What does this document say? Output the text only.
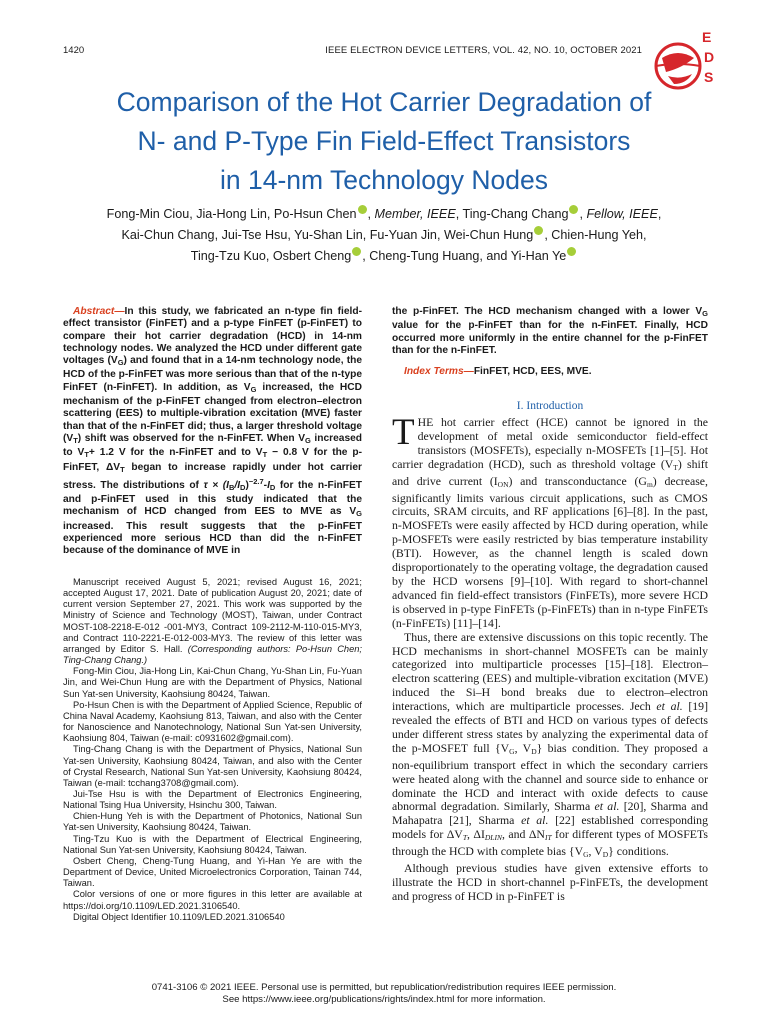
1420	IEEE ELECTRON DEVICE LETTERS, VOL. 42, NO. 10, OCTOBER 2021
E
D
S
Comparison of the Hot Carrier Degradation of
N- and P-Type Fin Field-Effect Transistors
in 14-nm Technology Nodes
Fong-Min Ciou, Jia-Hong Lin, Po-Hsun Chen , Member, IEEE, Ting-Chang Chang , Fellow, IEEE,
Kai-Chun Chang, Jui-Tse Hsu, Yu-Shan Lin, Fu-Yuan Jin, Wei-Chun Hung , Chien-Hung Yeh,
Ting-Tzu Kuo, Osbert Cheng , Cheng-Tung Huang, and Yi-Han Ye
Abstract—In this study, we fabricated an n-type fin field-effect transistor (FinFET) and a p-type FinFET (p-FinFET) to compare their hot carrier degradation (HCD) in 14-nm technology nodes. We analyzed the HCD under different gate voltages $(V_G)$ and found that in a 14-nm technology node, the HCD of the p-FinFET was more serious than that of the n-type FinFET (n-FinFET). In addition, as $V_G$ increased, the HCD mechanism of the p-FinFET changed from electron–electron scattering (EES) to multiple-vibration excitation (MVE) faster than that of the n-FinFET did; thus, a larger threshold voltage $(V_T)$ shift was observed for the n-FinFET. When $V_G$ increased to $V_T+ 1.2$ V for the n-FinFET and to $V_T - 0.8$ V for the p-FinFET, $\Delta V_T$ began to increase rapidly under hot carrier stress. The distributions of $\tau \times (I_B/I_D)^{-2.7}-I_D$ for the n-FinFET and p-FinFET used in this study indicated that the mechanism of HCD changed from EES to MVE as $V_G$ increased. This result suggests that the p-FinFET experienced more serious HCD than did the n-FinFET because of the dominance of MVE in
the p-FinFET. The HCD mechanism changed with a lower $V_G$ value for the p-FinFET than for the n-FinFET. Finally, HCD occurred more uniformly in the entire channel for the p-FinFET than for the n-FinFET.
Index Terms—FinFET, HCD, EES, MVE.

Manuscript received August 5, 2021; revised August 16, 2021; accepted August 17, 2021. Date of publication August 20, 2021; date of current version September 27, 2021. This work was supported by the Ministry of Science and Technology (MOST), Taiwan, under Contract MOST-108-2218-E-012 -001-MY3, Contract 109-2112-M-110-015-MY3, and Contract 110-2221-E-012-003-MY3. The review of this letter was arranged by Editor S. Hall. (Corresponding authors: Po-Hsun Chen; Ting-Chang Chang.)

Fong-Min Ciou, Jia-Hong Lin, Kai-Chun Chang, Yu-Shan Lin, Fu-Yuan Jin, and Wei-Chun Hung are with the Department of Physics, National Sun Yat-sen University, Kaohsiung 80424, Taiwan.

Po-Hsun Chen is with the Department of Applied Science, Republic of China Naval Academy, Kaohsiung 813, Taiwan, and also with the Center for Nanoscience and Nanotechnology, National Sun Yat-sen University, Kaohsiung 804, Taiwan (e-mail: c0931602@gmail.com).

Ting-Chang Chang is with the Department of Physics, National Sun Yat-sen University, Kaohsiung 80424, Taiwan, and also with the Center of Crystal Research, National Sun Yat-sen University, Kaohsiung 80424, Taiwan (e-mail: tcchang3708@gmail.com).

Jui-Tse Hsu is with the Department of Electronics Engineering, National Tsing Hua University, Hsinchu 300, Taiwan.

Chien-Hung Yeh is with the Department of Photonics, National Sun Yat-sen University, Kaohsiung 80424, Taiwan.

Ting-Tzu Kuo is with the Department of Electrical Engineering, National Sun Yat-sen University, Kaohsiung 80424, Taiwan.

Osbert Cheng, Cheng-Tung Huang, and Yi-Han Ye are with the Department of Device, United Microelectronics Corporation, Tainan 744, Taiwan.

Color versions of one or more figures in this letter are available at https://doi.org/10.1109/LED.2021.3106540.

Digital Object Identifier 10.1109/LED.2021.3106540

I. Introduction

THE hot carrier effect (HCE) cannot be ignored in the development of metal oxide semiconductor field-effect transistors (MOSFETs), especially n-MOSFETs [1]–[5]. Hot carrier degradation (HCD), such as threshold voltage $(V_T)$ shift and drive current $(I_{ON})$ and transconductance $(G_m)$ decrease, significantly limits various circuit applications, such as CMOS circuits, SRAM circuits, and RF applications [6]–[8]. In the past, n-MOSFETs were easily affected by HCD during operation, while p-MOSFETs were easily restricted by bias temperature instability (BTI). However, as the channel length is scaled down disproportionately to the operating voltage, the degradation caused by the HCD worsens [9]–[10]. With regard to short-channel advanced fin field-effect transistors (FinFETs), more severe HCD is observed in p-type FinFETs (p-FinFETs) than in n-type FinFETs (n-FinFETs) [11]–[14].

Thus, there are extensive discussions on this topic recently. The HCD mechanisms in short-channel MOSFETs can be mainly categorized into multiparticle processes [15]–[18]. Electron–electron scattering (EES) and multiple-vibration excitation (MVE) induced the Si–H bond breaks due to electron–electron interactions, which are multiparticle processes. Jech et al. [19] revealed the effects of BTI and HCD on various types of defects under different stress states by analyzing the experimental data of the p-MOSFET full {$V_G$, $V_D$} bias condition. They proposed a non-equilibrium transport effect in which the secondary carriers were heated along with the channel and source side to enhance or dominate the HCD and interact with oxide defects to cause abnormal degradation. Similarly, Sharma et al. [20], Sharma and Mahapatra [21], Sharma et al. [22] established corresponding models for $\Delta V_T$, $\Delta I_{DLIN}$, and $\Delta N_{IT}$ for different types of MOSFETs through the HCD with complete bias {$V_G$, $V_D$} conditions.

Although previous studies have given extensive efforts to illustrate the HCD in short-channel p-FinFETs, the development and progress of HCD in p-FinFET is

0741-3106 © 2021 IEEE. Personal use is permitted, but republication/redistribution requires IEEE permission.
See https://www.ieee.org/publications/rights/index.html for more information.
